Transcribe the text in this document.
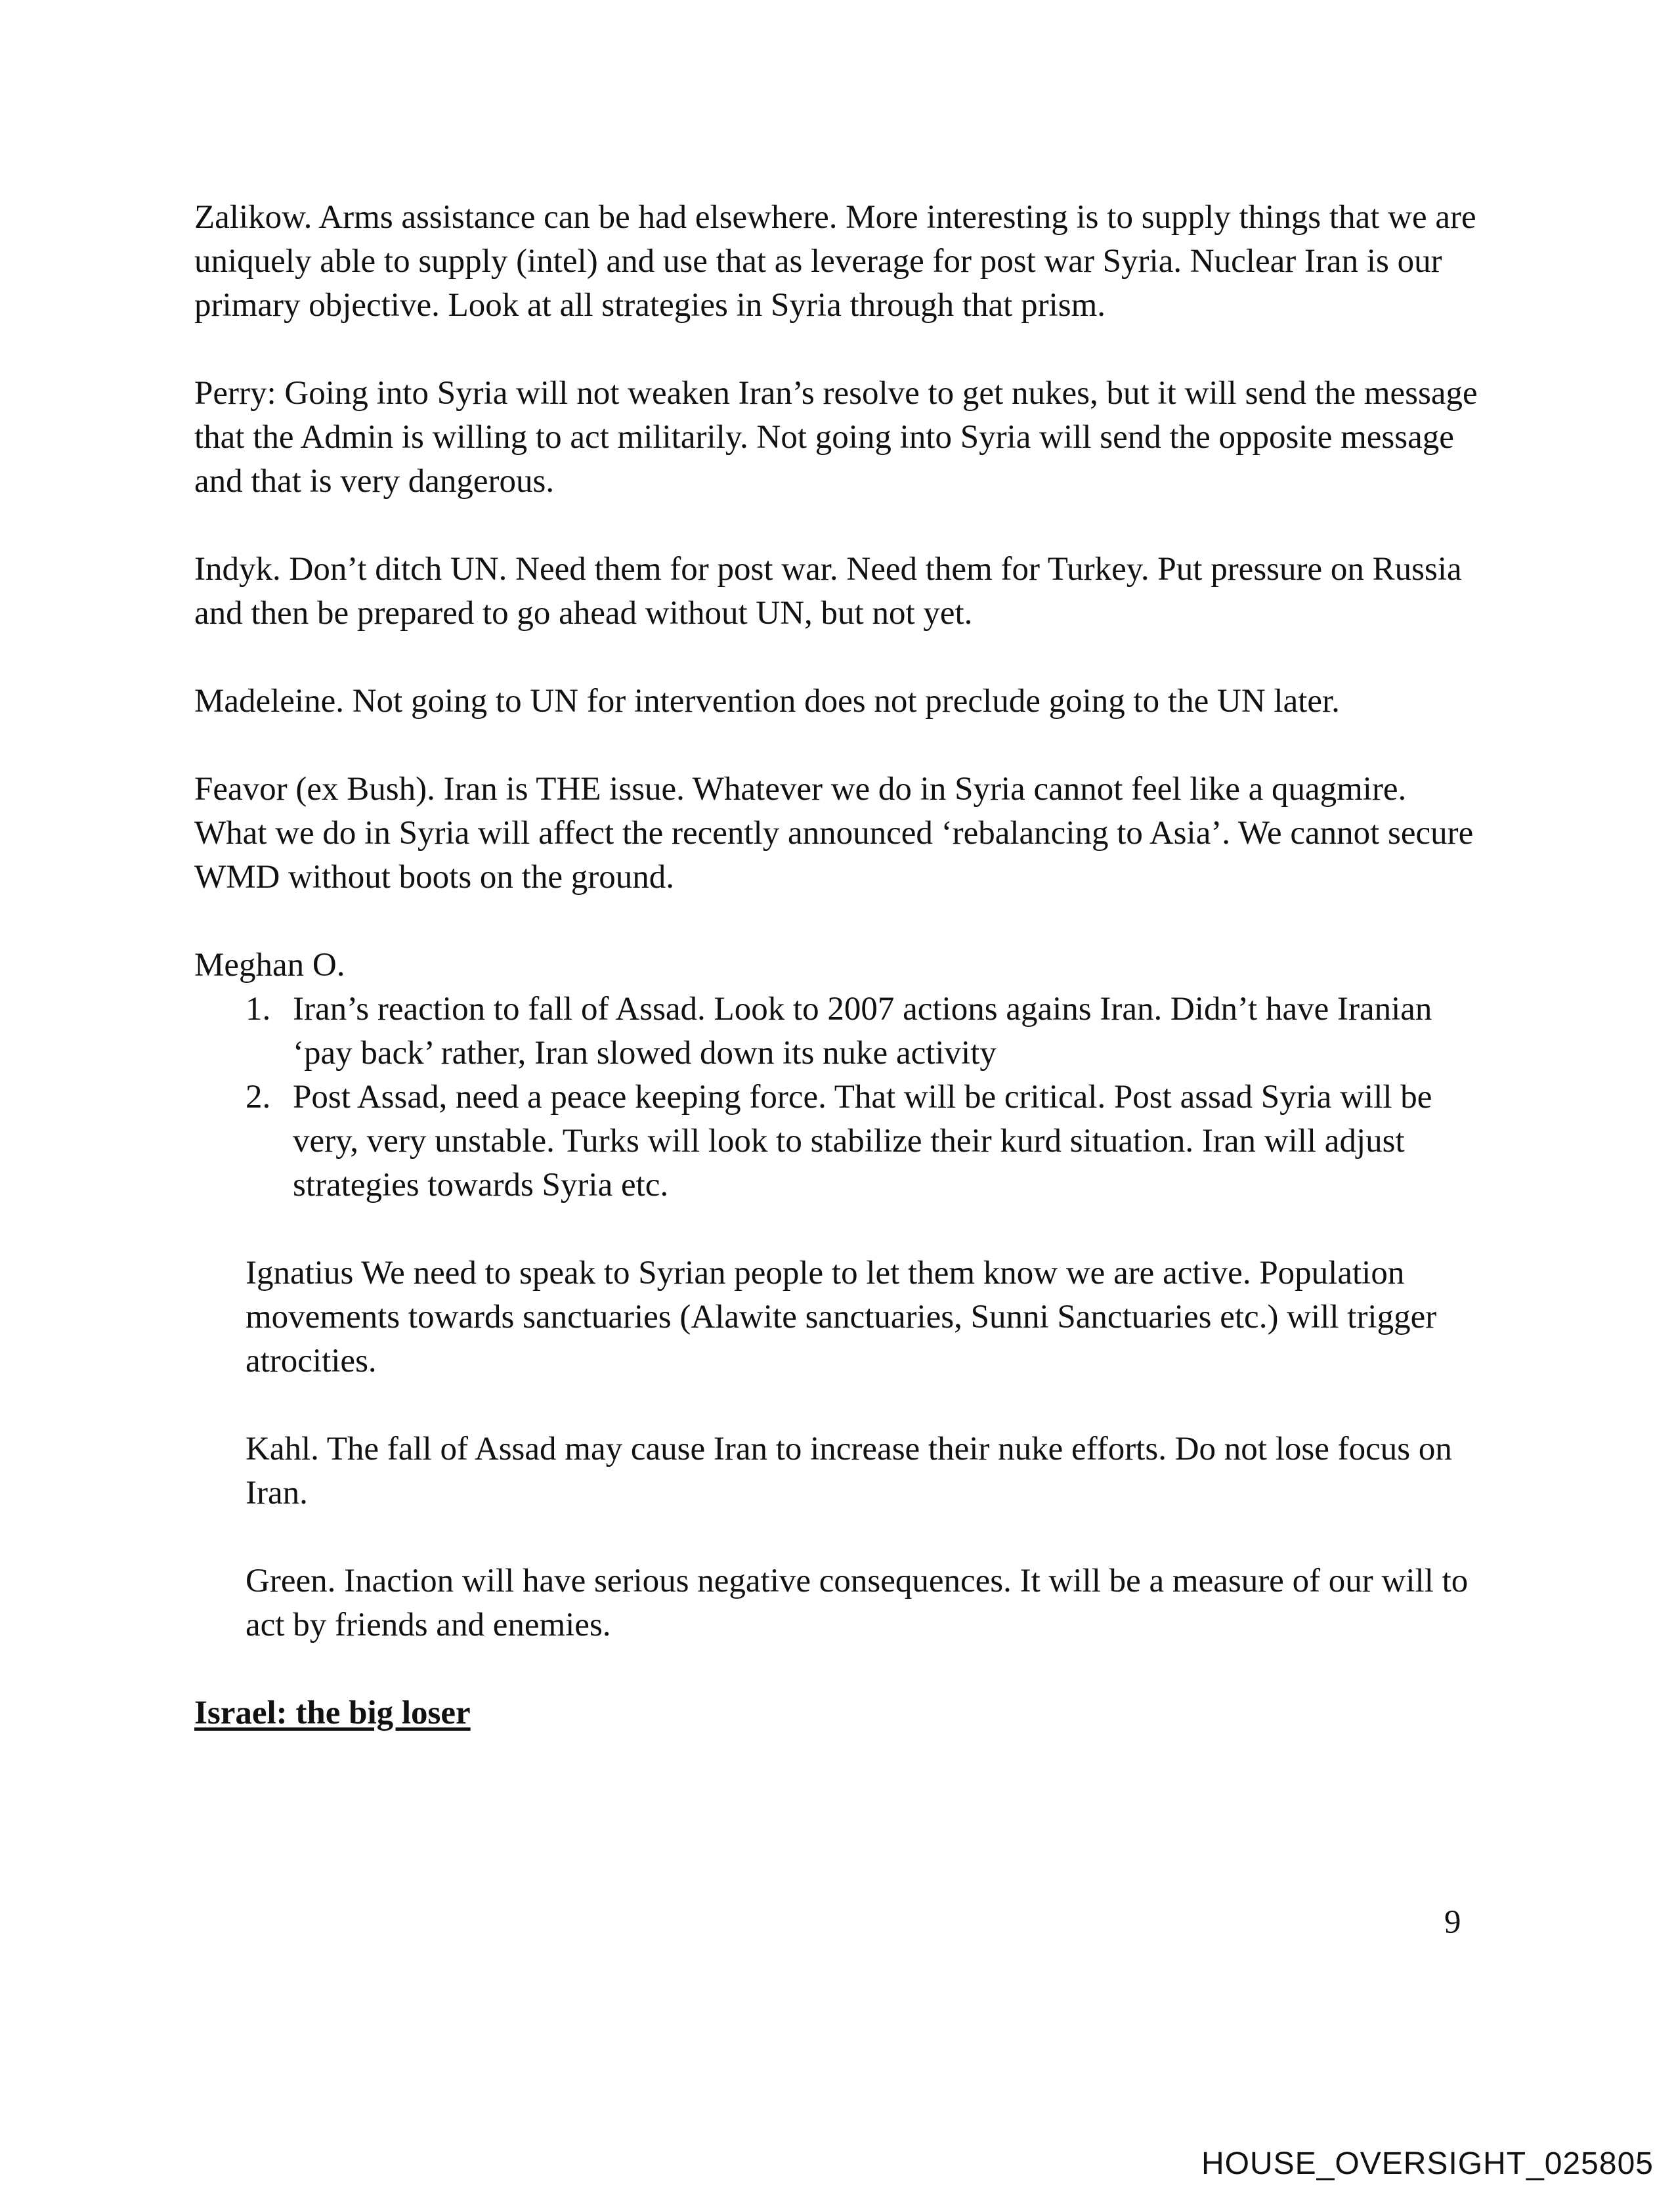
Zalikow. Arms assistance can be had elsewhere. More interesting is to supply things that we are uniquely able to supply (intel) and use that as leverage for post war Syria. Nuclear Iran is our primary objective. Look at all strategies in Syria through that prism.

Perry: Going into Syria will not weaken Iran’s resolve to get nukes, but it will send the message that the Admin is willing to act militarily. Not going into Syria will send the opposite message and that is very dangerous.

Indyk. Don’t ditch UN. Need them for post war. Need them for Turkey. Put pressure on Russia and then be prepared to go ahead without UN, but not yet.

Madeleine. Not going to UN for intervention does not preclude going to the UN later.

Feavor (ex Bush). Iran is THE issue. Whatever we do in Syria cannot feel like a quagmire. What we do in Syria will affect the recently announced ‘rebalancing to Asia’. We cannot secure WMD without boots on the ground.

Meghan O.

1. Iran’s reaction to fall of Assad. Look to 2007 actions agains Iran. Didn’t have Iranian ‘pay back’ rather, Iran slowed down its nuke activity
2. Post Assad, need a peace keeping force. That will be critical. Post assad Syria will be very, very unstable. Turks will look to stabilize their kurd situation. Iran will adjust strategies towards Syria etc.

Ignatius We need to speak to Syrian people to let them know we are active. Population movements towards sanctuaries (Alawite sanctuaries, Sunni Sanctuaries etc.) will trigger atrocities.

Kahl. The fall of Assad may cause Iran to increase their nuke efforts. Do not lose focus on Iran.

Green. Inaction will have serious negative consequences. It will be a measure of our will to act by friends and enemies.

Israel: the big loser

9
HOUSE_OVERSIGHT_025805
